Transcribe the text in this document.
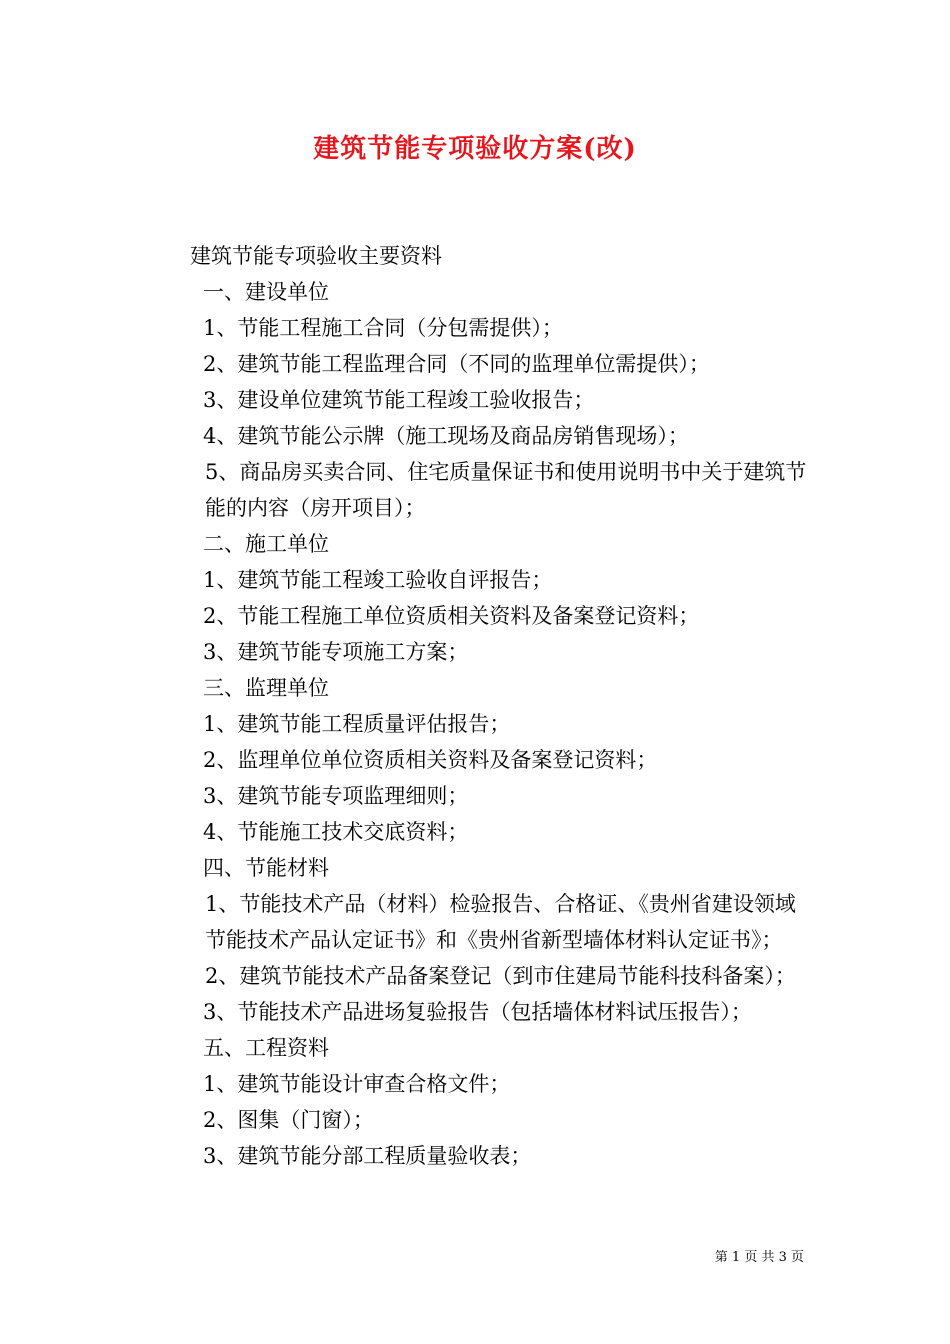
建筑节能专项验收方案(改)
建筑节能专项验收主要资料
一、建设单位
1、节能工程施工合同（分包需提供）；
2、建筑节能工程监理合同（不同的监理单位需提供）；
3、建设单位建筑节能工程竣工验收报告；
4、建筑节能公示牌（施工现场及商品房销售现场）；
5、商品房买卖合同、住宅质量保证书和使用说明书中关于建筑节能的内容（房开项目）；
二、施工单位
1、建筑节能工程竣工验收自评报告；
2、节能工程施工单位资质相关资料及备案登记资料；
3、建筑节能专项施工方案；
三、监理单位
1、建筑节能工程质量评估报告；
2、监理单位单位资质相关资料及备案登记资料；
3、建筑节能专项监理细则；
4、节能施工技术交底资料；
四、节能材料
1、节能技术产品（材料）检验报告、合格证、《贵州省建设领域节能技术产品认定证书》和《贵州省新型墙体材料认定证书》；
2、建筑节能技术产品备案登记（到市住建局节能科技科备案）；
3、节能技术产品进场复验报告（包括墙体材料试压报告）；
五、工程资料
1、建筑节能设计审查合格文件；
2、图集（门窗）；
3、建筑节能分部工程质量验收表；
第 1 页 共 3 页
